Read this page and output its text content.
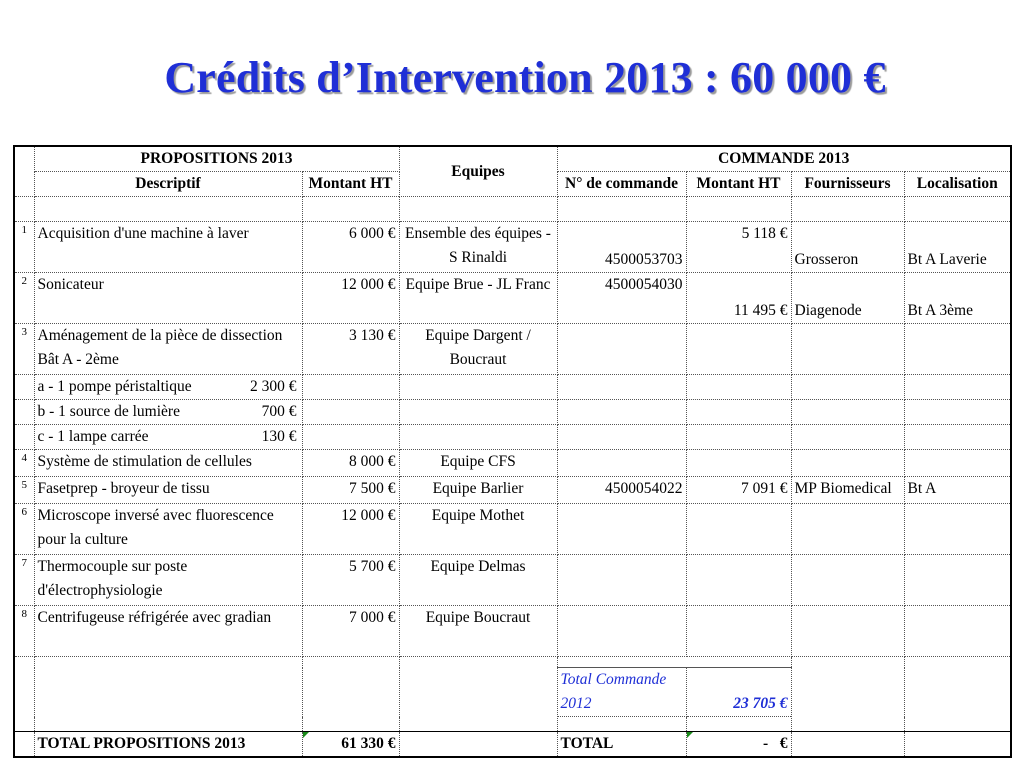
Crédits d’Intervention 2013 : 60 000 €
	PROPOSITIONS 2013		Equipes	COMMANDE 2013			
	Descriptif	Montant HT		N° de commande	Montant HT	Fournisseurs	Localisation

1	Acquisition d'une machine à laver	6 000 €	Ensemble des équipes - S Rinaldi	4500053703	5 118 €	Grosseron	Bt A Laverie
2	Sonicateur	12 000 €	Equipe Brue - JL Franc	4500054030	11 495 €	Diagenode	Bt A 3ème
3	Aménagement de la pièce de dissection Bât A - 2ème	3 130 €	Equipe Dargent / Boucraut				

	a - 1 pompe péristaltique 2 300 €						

	b - 1 source de lumière 700 €						

	c - 1 lampe carrée 130 €						

4	Système de stimulation de cellules	8 000 €	Equipe CFS				
5	Fasetprep - broyeur de tissu	7 500 €	Equipe Barlier	4500054022	7 091 €	MP Biomedical	Bt A
6	Microscope inversé avec fluorescence pour la culture	12 000 €	Equipe Mothet				
7	Thermocouple sur poste d'électrophysiologie	5 700 €	Equipe Delmas				
8	Centrifugeuse réfrigérée avec gradian	7 000 €	Equipe Boucraut				

				Total Commande 2012	23 705 €		

	TOTAL PROPOSITIONS 2013	61 330 €		TOTAL	-   €		
